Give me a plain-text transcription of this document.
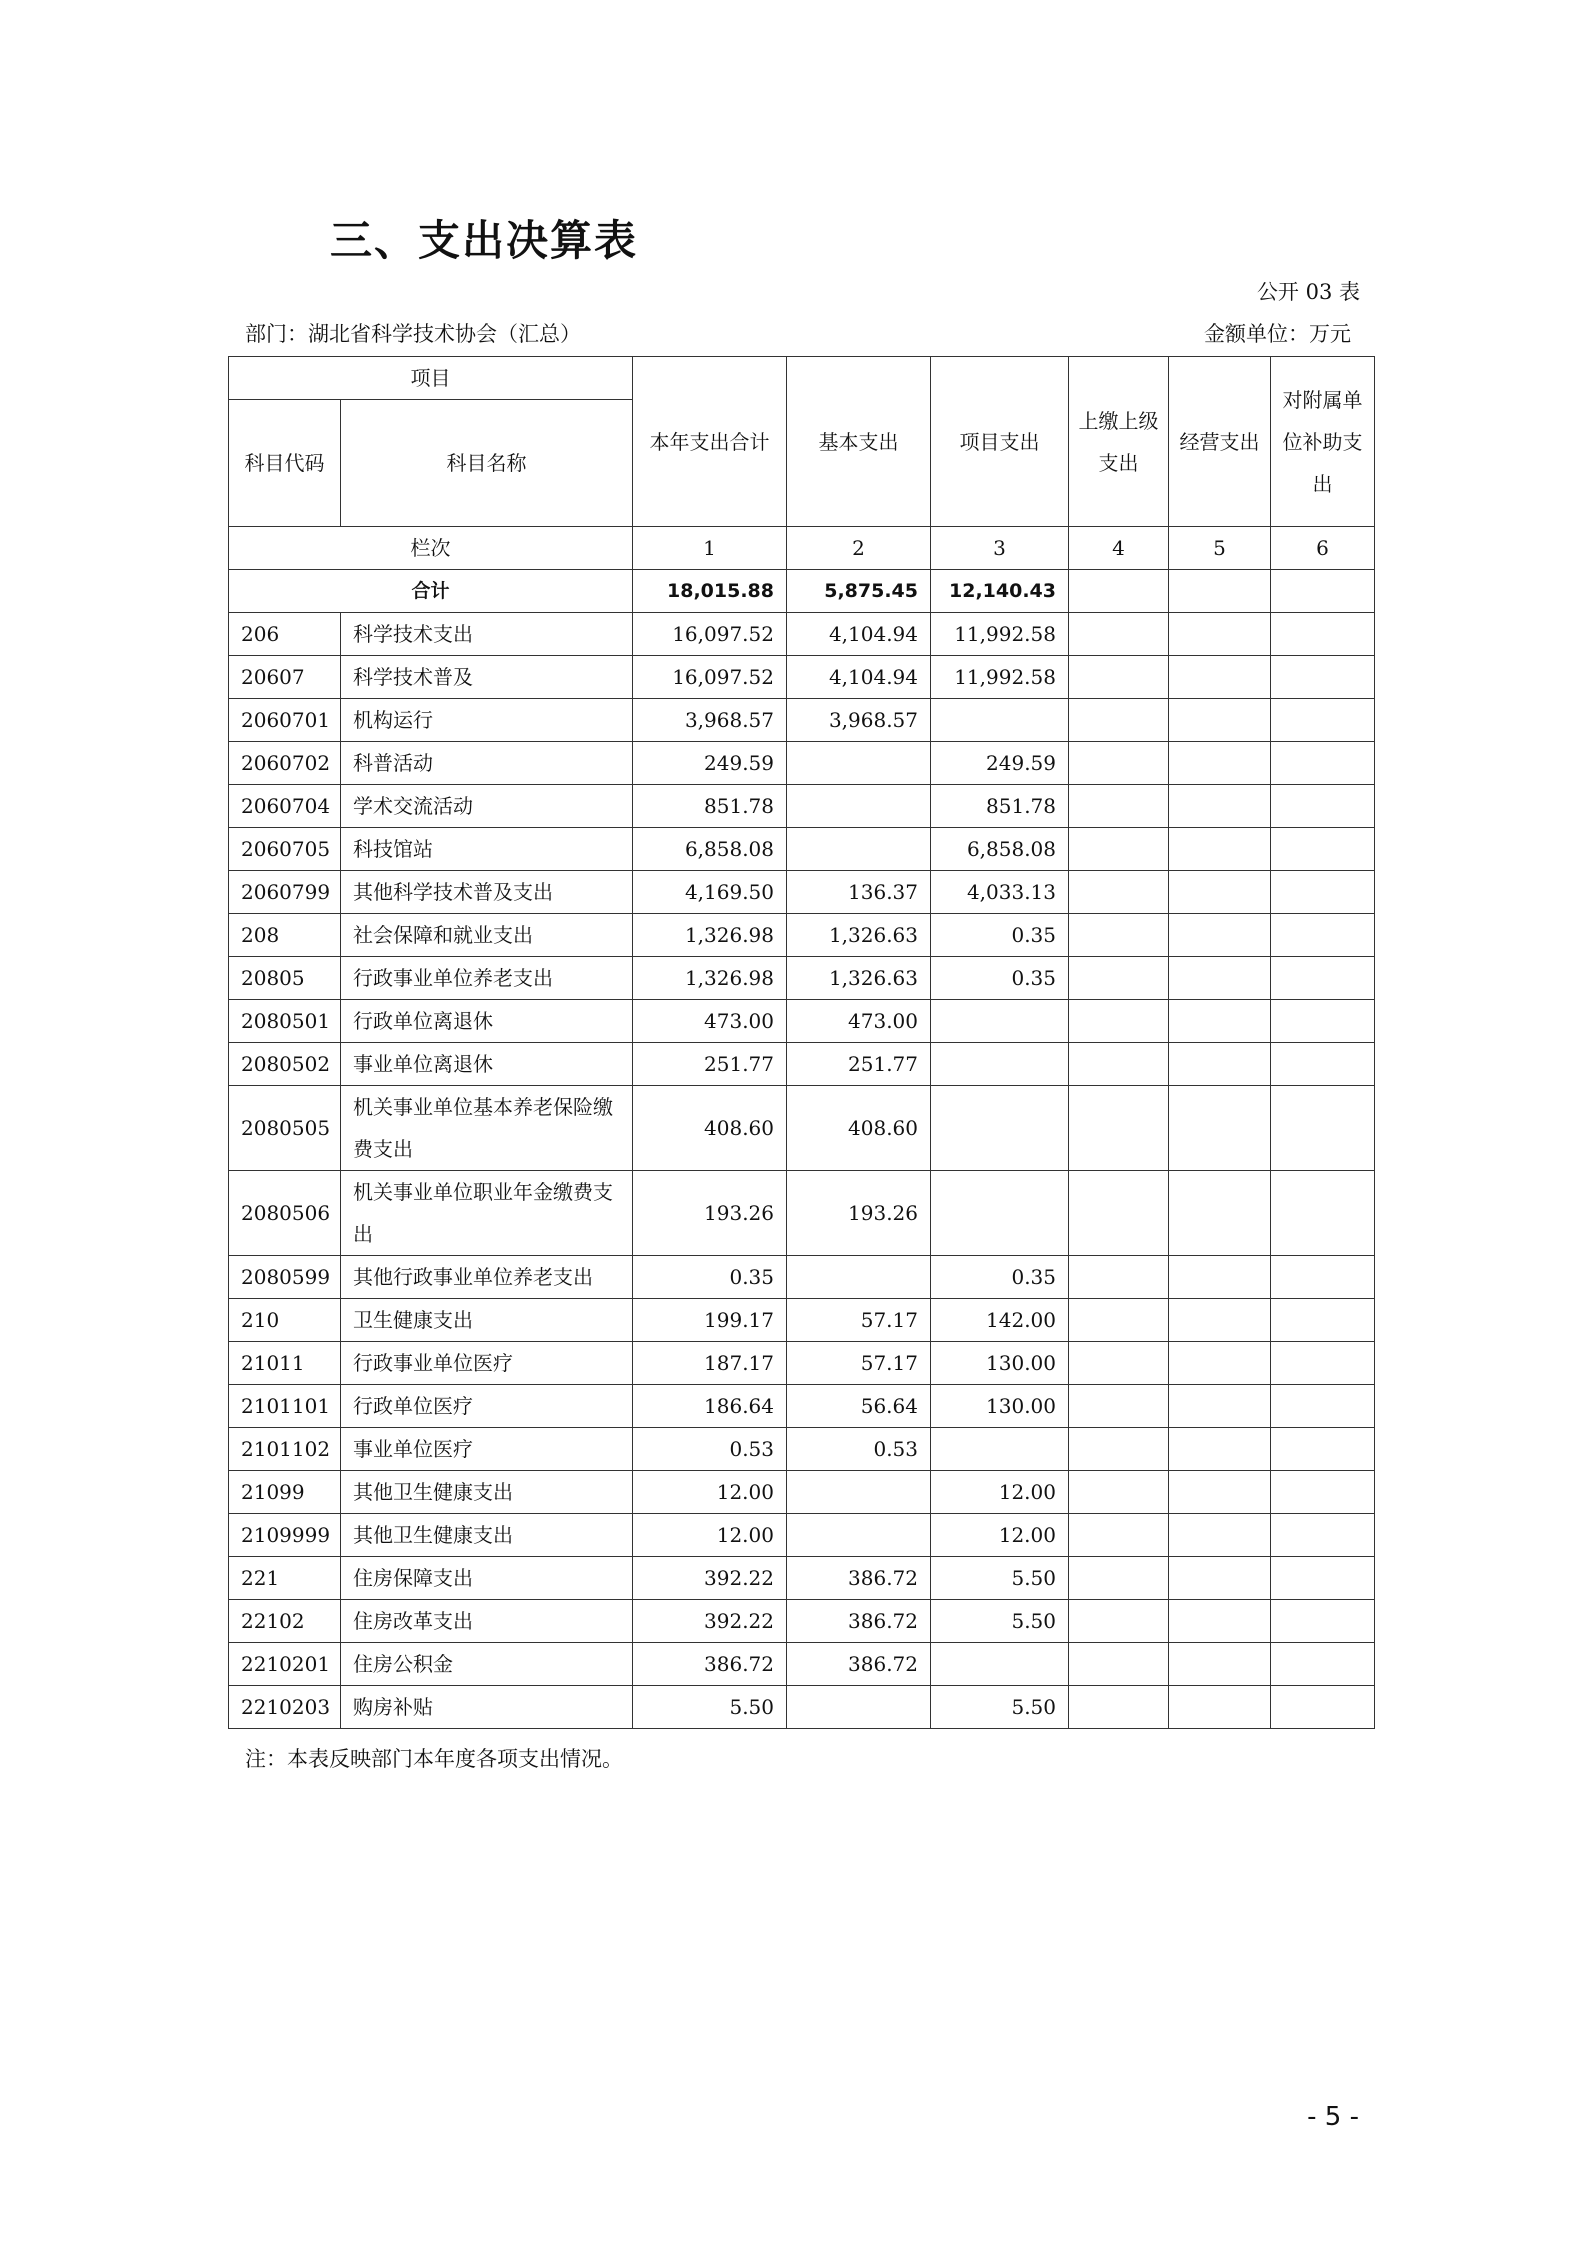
三、支出决算表
公开 03 表
部门：湖北省科学技术协会（汇总）	金额单位：万元
项目		本年支出合计	基本支出	项目支出	上缴上级支出	经营支出	对附属单位补助支出
科目代码	科目名称						
栏次		1	2	3	4	5	6
合计		18,015.88	5,875.45	12,140.43			
206	科学技术支出	16,097.52	4,104.94	11,992.58			
20607	科学技术普及	16,097.52	4,104.94	11,992.58			
2060701	机构运行	3,968.57	3,968.57				
2060702	科普活动	249.59		249.59			
2060704	学术交流活动	851.78		851.78			
2060705	科技馆站	6,858.08		6,858.08			
2060799	其他科学技术普及支出	4,169.50	136.37	4,033.13			
208	社会保障和就业支出	1,326.98	1,326.63	0.35			
20805	行政事业单位养老支出	1,326.98	1,326.63	0.35			
2080501	行政单位离退休	473.00	473.00				
2080502	事业单位离退休	251.77	251.77				
2080505	机关事业单位基本养老保险缴费支出	408.60	408.60				
2080506	机关事业单位职业年金缴费支出	193.26	193.26				
2080599	其他行政事业单位养老支出	0.35		0.35			
210	卫生健康支出	199.17	57.17	142.00			
21011	行政事业单位医疗	187.17	57.17	130.00			
2101101	行政单位医疗	186.64	56.64	130.00			
2101102	事业单位医疗	0.53	0.53				
21099	其他卫生健康支出	12.00		12.00			
2109999	其他卫生健康支出	12.00		12.00			
221	住房保障支出	392.22	386.72	5.50			
22102	住房改革支出	392.22	386.72	5.50			
2210201	住房公积金	386.72	386.72				
2210203	购房补贴	5.50		5.50			
注：本表反映部门本年度各项支出情况。
- 5 -
